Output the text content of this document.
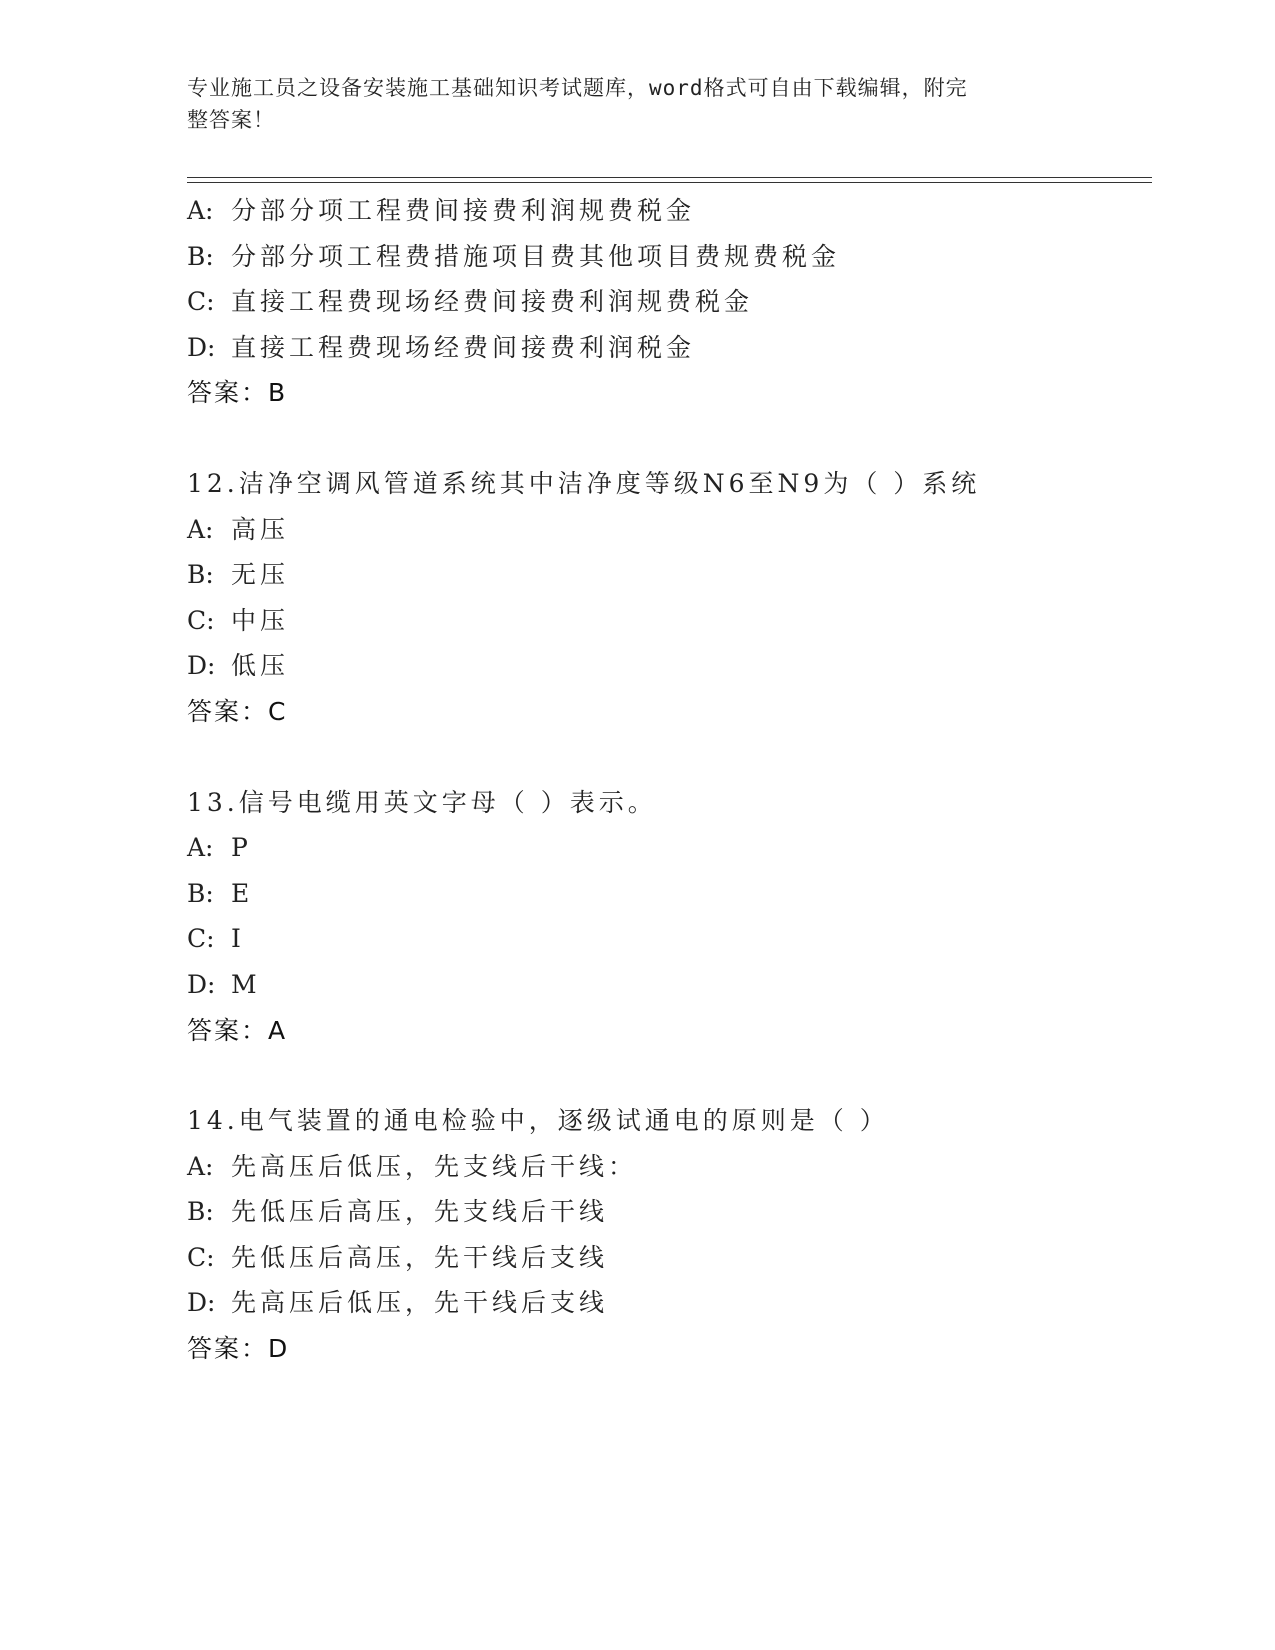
专业施工员之设备安装施工基础知识考试题库，word格式可自由下载编辑，附完
整答案！
A: 分部分项工程费间接费利润规费税金
B: 分部分项工程费措施项目费其他项目费规费税金
C: 直接工程费现场经费间接费利润规费税金
D: 直接工程费现场经费间接费利润税金
答案：B
12.洁净空调风管道系统其中洁净度等级N6至N9为（ ）系统
A: 高压
B: 无压
C: 中压
D: 低压
答案：C
13.信号电缆用英文字母（ ）表示。
A: P
B: E
C: I
D: M
答案：A
14.电气装置的通电检验中，逐级试通电的原则是（ ）
A: 先高压后低压，先支线后干线：
B: 先低压后高压，先支线后干线
C: 先低压后高压，先干线后支线
D: 先高压后低压，先干线后支线
答案：D
